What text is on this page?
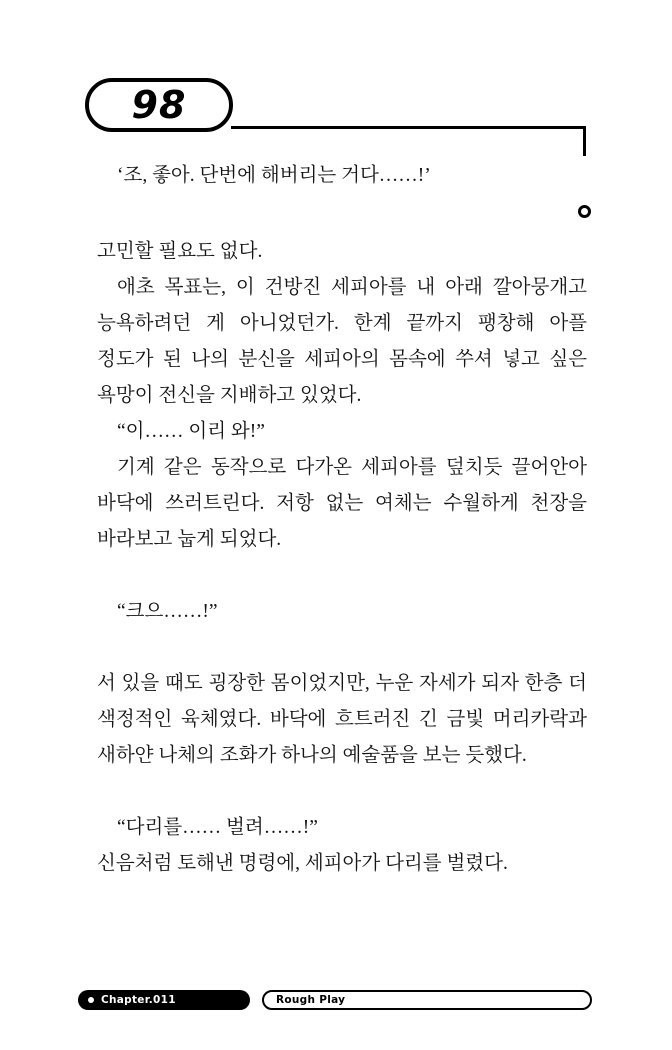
98

‘조, 좋아. 단번에 해버리는 거다……!’

고민할 필요도 없다.

애초 목표는, 이 건방진 세피아를 내 아래 깔아뭉개고 능욕하려던 게 아니었던가. 한계 끝까지 팽창해 아플 정도가 된 나의 분신을 세피아의 몸속에 쑤셔 넣고 싶은 욕망이 전신을 지배하고 있었다.

“이…… 이리 와!”

기계 같은 동작으로 다가온 세피아를 덮치듯 끌어안아 바닥에 쓰러트린다. 저항 없는 여체는 수월하게 천장을 바라보고 눕게 되었다.

“크으……!”

서 있을 때도 굉장한 몸이었지만, 누운 자세가 되자 한층 더 색정적인 육체였다. 바닥에 흐트러진 긴 금빛 머리카락과 새하얀 나체의 조화가 하나의 예술품을 보는 듯했다.

“다리를…… 벌려……!”

신음처럼 토해낸 명령에, 세피아가 다리를 벌렸다.

Chapter.011	Rough Play
